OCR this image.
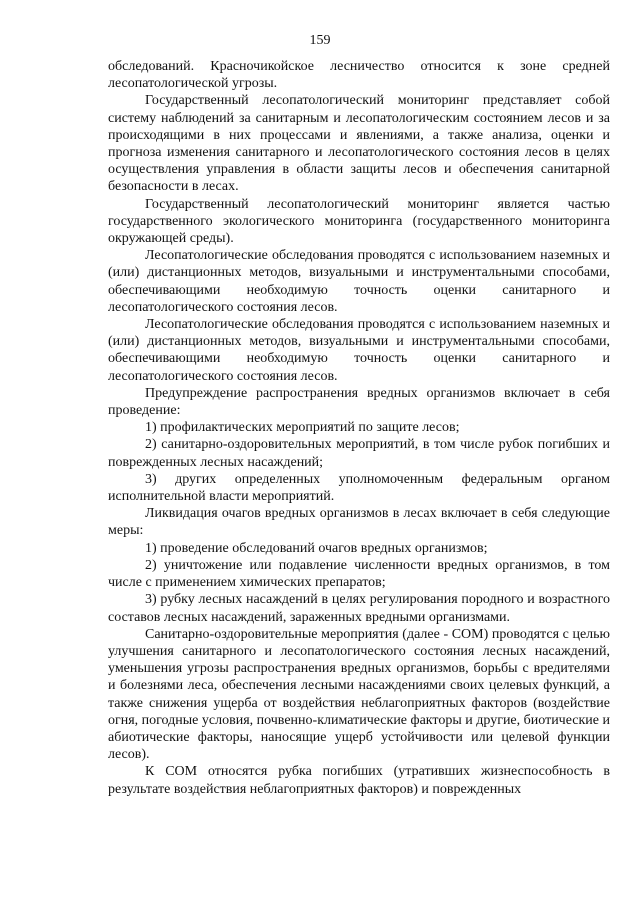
159

обследований. Красночикойское лесничество относится к зоне средней лесопатологической угрозы.

Государственный лесопатологический мониторинг представляет собой систему наблюдений за санитарным и лесопатологическим состоянием лесов и за происходящими в них процессами и явлениями, а также анализа, оценки и прогноза изменения санитарного и лесопатологического состояния лесов в целях осуществления управления в области защиты лесов и обеспечения санитарной безопасности в лесах.

Государственный лесопатологический мониторинг является частью государственного экологического мониторинга (государственного мониторинга окружающей среды).

Лесопатологические обследования проводятся с использованием наземных и (или) дистанционных методов, визуальными и инструментальными способами, обеспечивающими необходимую точность оценки санитарного и лесопатологического состояния лесов.

Лесопатологические обследования проводятся с использованием наземных и (или) дистанционных методов, визуальными и инструментальными способами, обеспечивающими необходимую точность оценки санитарного и лесопатологического состояния лесов.

Предупреждение распространения вредных организмов включает в себя проведение:

1) профилактических мероприятий по защите лесов;

2) санитарно-оздоровительных мероприятий, в том числе рубок погибших и поврежденных лесных насаждений;

3) других определенных уполномоченным федеральным органом исполнительной власти мероприятий.

Ликвидация очагов вредных организмов в лесах включает в себя следующие меры:

1) проведение обследований очагов вредных организмов;

2) уничтожение или подавление численности вредных организмов, в том числе с применением химических препаратов;

3) рубку лесных насаждений в целях регулирования породного и возрастного составов лесных насаждений, зараженных вредными организмами.

Санитарно-оздоровительные мероприятия (далее - СОМ) проводятся с целью улучшения санитарного и лесопатологического состояния лесных насаждений, уменьшения угрозы распространения вредных организмов, борьбы с вредителями и болезнями леса, обеспечения лесными насаждениями своих целевых функций, а также снижения ущерба от воздействия неблагоприятных факторов (воздействие огня, погодные условия, почвенно-климатические факторы и другие, биотические и абиотические факторы, наносящие ущерб устойчивости или целевой функции лесов).

К СОМ относятся рубка погибших (утративших жизнеспособность в результате воздействия неблагоприятных факторов) и поврежденных
